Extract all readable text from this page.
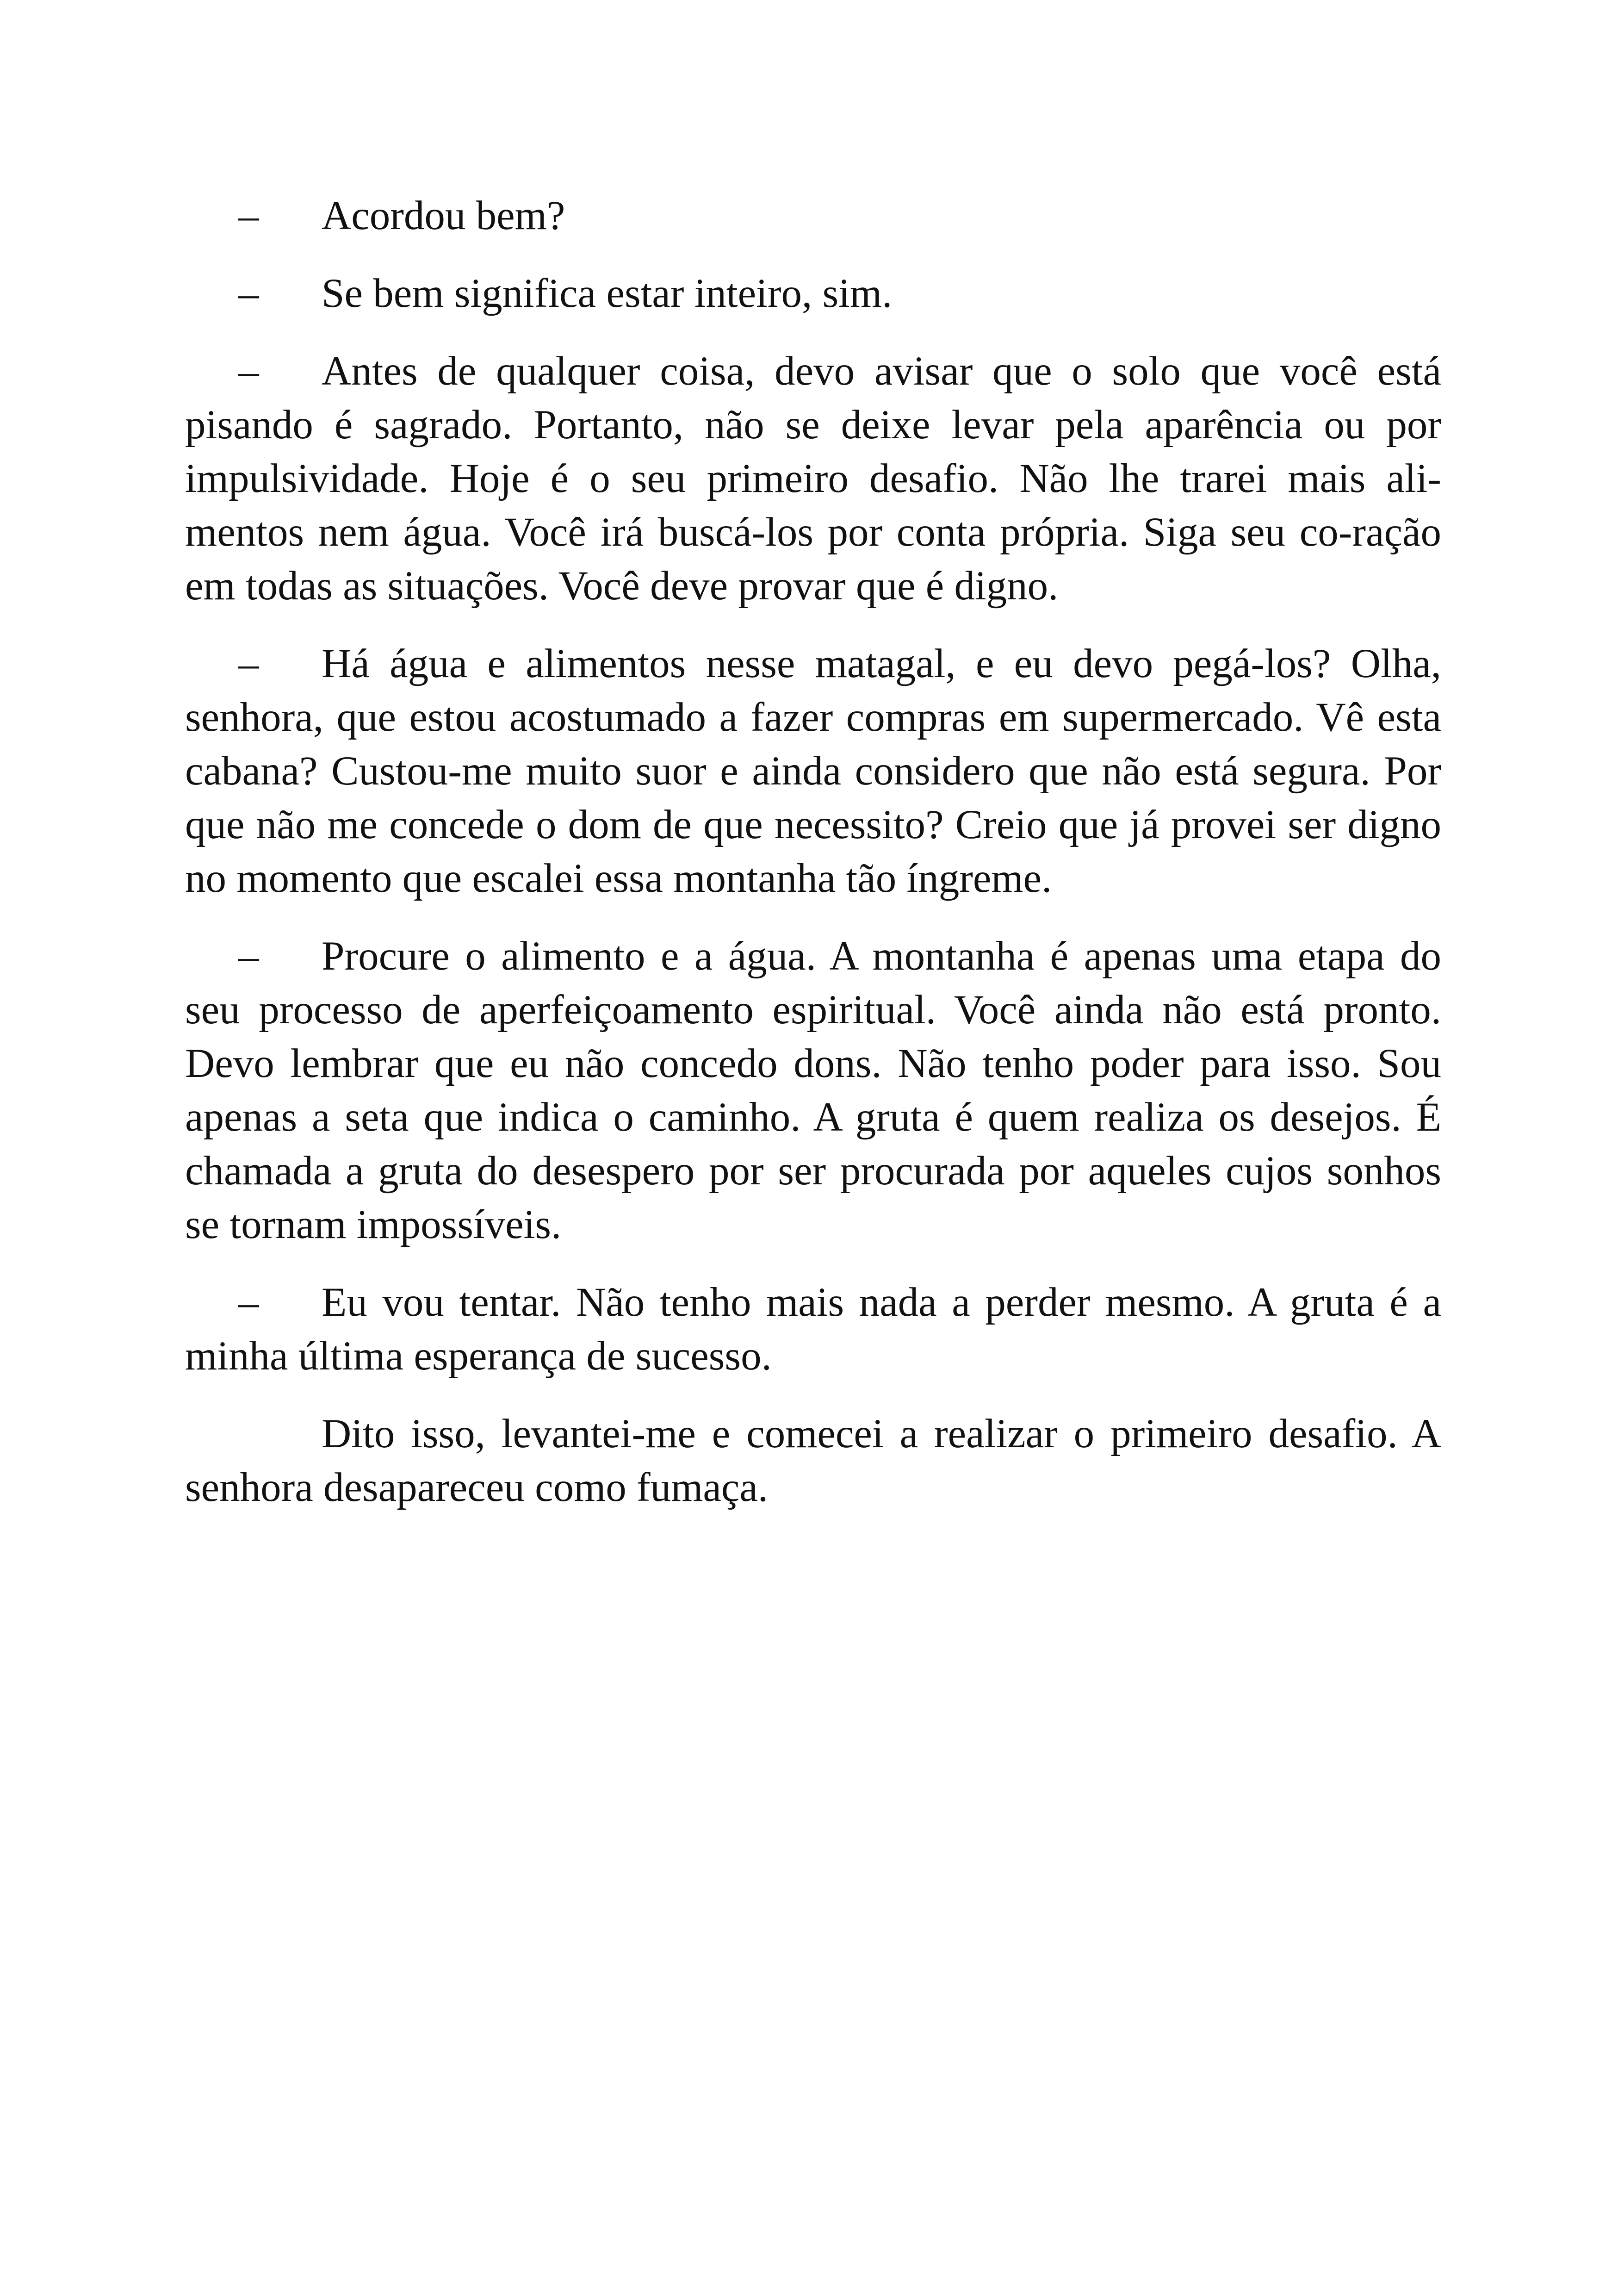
– Acordou bem?

– Se bem significa estar inteiro, sim.

– Antes de qualquer coisa, devo avisar que o solo que você está pisando é sagrado. Portanto, não se deixe levar pela aparência ou por impulsividade. Hoje é o seu primeiro desafio. Não lhe trarei mais ali-mentos nem água. Você irá buscá-los por conta própria. Siga seu co-ração em todas as situações. Você deve provar que é digno.

– Há água e alimentos nesse matagal, e eu devo pegá-los? Olha, senhora, que estou acostumado a fazer compras em supermercado. Vê esta cabana? Custou-me muito suor e ainda considero que não está segura. Por que não me concede o dom de que necessito? Creio que já provei ser digno no momento que escalei essa montanha tão íngreme.

– Procure o alimento e a água. A montanha é apenas uma etapa do seu processo de aperfeiçoamento espiritual. Você ainda não está pronto. Devo lembrar que eu não concedo dons. Não tenho poder para isso. Sou apenas a seta que indica o caminho. A gruta é quem realiza os desejos. É chamada a gruta do desespero por ser procurada por aqueles cujos sonhos se tornam impossíveis.

– Eu vou tentar. Não tenho mais nada a perder mesmo. A gruta é a minha última esperança de sucesso.

Dito isso, levantei-me e comecei a realizar o primeiro desafio. A senhora desapareceu como fumaça.
